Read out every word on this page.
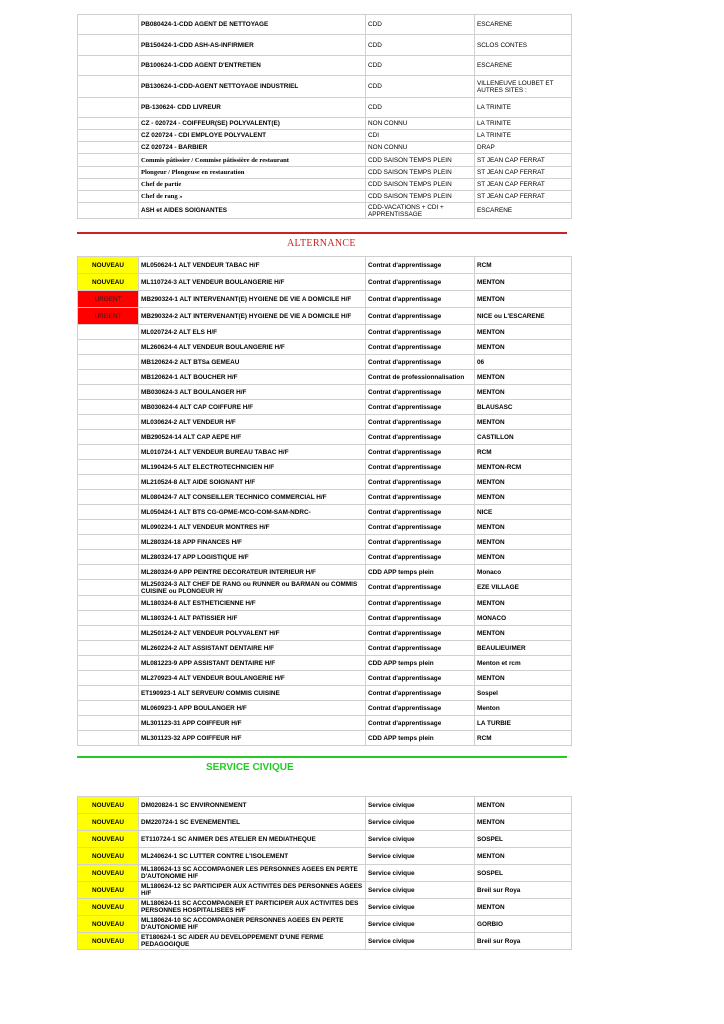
	PB080424-1-CDD AGENT DE NETTOYAGE	CDD	ESCARENE
	PB150424-1-CDD ASH-AS-INFIRMIER	CDD	SCLOS CONTES
	PB100624-1-CDD AGENT D'ENTRETIEN	CDD	ESCARENE
	PB130624-1-CDD-AGENT NETTOYAGE INDUSTRIEL	CDD	VILLENEUVE LOUBET ET AUTRES SITES :
	PB-130624- CDD LIVREUR	CDD	LA TRINITE
	CZ - 020724 - COIFFEUR(SE) POLYVALENT(E)	NON CONNU	LA TRINITE
	CZ 020724 - CDI EMPLOYE POLYVALENT	CDI	LA TRINITE
	CZ 020724 - BARBIER	NON CONNU	DRAP
	Commis pâtissier / Commise pâtissière de restaurant	CDD SAISON TEMPS PLEIN	ST JEAN CAP FERRAT
	Plongeur / Plongeuse en restauration	CDD SAISON TEMPS PLEIN	ST JEAN CAP FERRAT
	Chef de partie	CDD SAISON TEMPS PLEIN	ST JEAN CAP FERRAT
	Chef de rang »	CDD SAISON TEMPS PLEIN	ST JEAN CAP FERRAT
	ASH et AIDES SOIGNANTES	CDD-VACATIONS + CDI + APPRENTISSAGE	ESCARENE
ALTERNANCE
NOUVEAU	ML050624-1 ALT VENDEUR TABAC H/F	Contrat d'apprentissage	RCM
NOUVEAU	ML110724-3 ALT VENDEUR BOULANGERIE H/F	Contrat d'apprentissage	MENTON
URGENT	MB290324-1 ALT INTERVENANT(E) HYGIENE DE VIE A DOMICILE H/F	Contrat d'apprentissage	MENTON
URGENT	MB290324-2 ALT INTERVENANT(E) HYGIENE DE VIE A DOMICILE H/F	Contrat d'apprentissage	NICE ou L'ESCARENE
	ML020724-2 ALT ELS H/F	Contrat d'apprentissage	MENTON
	ML260624-4 ALT VENDEUR BOULANGERIE H/F	Contrat d'apprentissage	MENTON
	MB120624-2 ALT BTSa GEMEAU	Contrat d'apprentissage	06
	MB120624-1 ALT BOUCHER H/F	Contrat de professionnalisation	MENTON
	MB030624-3 ALT BOULANGER H/F	Contrat d'apprentissage	MENTON
	MB030624-4 ALT CAP COIFFURE H/F	Contrat d'apprentissage	BLAUSASC
	ML030624-2 ALT VENDEUR H/F	Contrat d'apprentissage	MENTON
	MB290524-14 ALT CAP AEPE H/F	Contrat d'apprentissage	CASTILLON
	ML010724-1 ALT VENDEUR BUREAU TABAC H/F	Contrat d'apprentissage	RCM
	ML190424-5 ALT ELECTROTECHNICIEN H/F	Contrat d'apprentissage	MENTON-RCM
	ML210524-8 ALT AIDE SOIGNANT H/F	Contrat d'apprentissage	MENTON
	ML080424-7 ALT CONSEILLER TECHNICO COMMERCIAL H/F	Contrat d'apprentissage	MENTON
	ML050424-1 ALT BTS CG-GPME-MCO-COM-SAM-NDRC-	Contrat d'apprentissage	NICE
	ML090224-1 ALT VENDEUR MONTRES H/F	Contrat d'apprentissage	MENTON
	ML280324-18 APP FINANCES H/F	Contrat d'apprentissage	MENTON
	ML280324-17 APP LOGISTIQUE H/F	Contrat d'apprentissage	MENTON
	ML280324-9 APP PEINTRE DECORATEUR INTERIEUR H/F	CDD APP temps plein	Monaco
	ML250324-3 ALT CHEF DE RANG ou RUNNER ou BARMAN ou COMMIS CUISINE ou PLONGEUR H/	Contrat d'apprentissage	EZE VILLAGE
	ML180324-8 ALT ESTHETICIENNE H/F	Contrat d'apprentissage	MENTON
	ML180324-1 ALT PATISSIER H/F	Contrat d'apprentissage	MONACO
	ML250124-2 ALT VENDEUR POLYVALENT H/F	Contrat d'apprentissage	MENTON
	ML260224-2 ALT ASSISTANT DENTAIRE H/F	Contrat d'apprentissage	BEAULIEU/MER
	ML081223-9 APP ASSISTANT DENTAIRE H/F	CDD APP temps plein	Menton et rcm
	ML270923-4 ALT VENDEUR BOULANGERIE H/F	Contrat d'apprentissage	MENTON
	ET190923-1 ALT SERVEUR/ COMMIS CUISINE	Contrat d'apprentissage	Sospel
	ML060923-1 APP BOULANGER H/F	Contrat d'apprentissage	Menton
	ML301123-31 APP COIFFEUR H/F	Contrat d'apprentissage	LA TURBIE
	ML301123-32 APP COIFFEUR H/F	CDD APP temps plein	RCM
SERVICE CIVIQUE
NOUVEAU	DM020824-1 SC ENVIRONNEMENT	Service civique	MENTON
NOUVEAU	DM220724-1 SC EVENEMENTIEL	Service civique	MENTON
NOUVEAU	ET110724-1 SC ANIMER DES ATELIER EN MEDIATHEQUE	Service civique	SOSPEL
NOUVEAU	ML240624-1 SC LUTTER CONTRE L'ISOLEMENT	Service civique	MENTON
NOUVEAU	ML180624-13 SC ACCOMPAGNER LES PERSONNES AGEES EN PERTE D'AUTONOMIE H/F	Service civique	SOSPEL
NOUVEAU	ML180624-12 SC PARTICIPER AUX ACTIVITES DES PERSONNES AGEES H/F	Service civique	Breil sur Roya
NOUVEAU	ML180624-11 SC ACCOMPAGNER ET PARTICIPER AUX ACTIVITES DES PERSONNES HOSPITALISEES H/F	Service civique	MENTON
NOUVEAU	ML180624-10 SC ACCOMPAGNER PERSONNES AGEES EN PERTE D'AUTONOMIE H/F	Service civique	GORBIO
NOUVEAU	ET180624-1 SC AIDER AU DEVELOPPEMENT D'UNE FERME PEDAGOGIQUE	Service civique	Breil sur Roya
